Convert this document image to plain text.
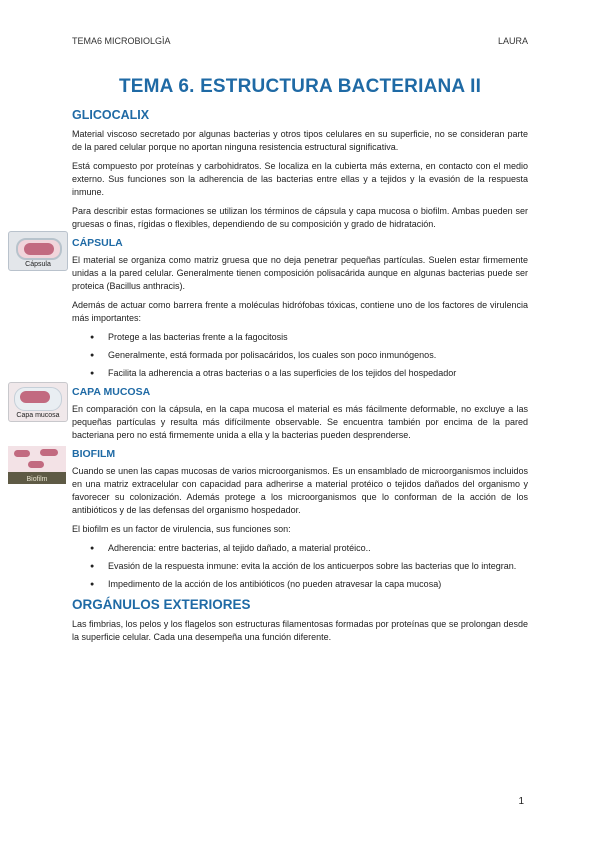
TEMA6 MICROBIOLGÌA	LAURA
TEMA 6. ESTRUCTURA BACTERIANA II
GLICOCALIX

Material viscoso secretado por algunas bacterias y otros tipos celulares en su superficie, no se consideran parte de la pared celular porque no aportan ninguna resistencia estructural significativa.

Está compuesto por proteínas y carbohidratos. Se localiza en la cubierta más externa, en contacto con el medio externo. Sus funciones son la adherencia de las bacterias entre ellas y a tejidos y la evasión de la respuesta inmune.

Para describir estas formaciones se utilizan los términos de cápsula y capa mucosa o biofilm. Ambas pueden ser gruesas o finas, rígidas o flexibles, dependiendo de su composición y grado de hidratación.

Cápsula
CÁPSULA

El material se organiza como matriz gruesa que no deja penetrar pequeñas partículas. Suelen estar firmemente unidas a la pared celular. Generalmente tienen composición polisacárida aunque en algunas bacterias puede ser proteica (Bacillus anthracis).

Además de actuar como barrera frente a moléculas hidrófobas tóxicas, contiene uno de los factores de virulencia más importantes:

● Protege a las bacterias frente a la fagocitosis
● Generalmente, está formada por polisacáridos, los cuales son poco inmunógenos.
● Facilita la adherencia a otras bacterias o a las superficies de los tejidos del hospedador
Capa mucosa
CAPA MUCOSA

En comparación con la cápsula, en la capa mucosa el material es más fácilmente deformable, no excluye a las pequeñas partículas y resulta más difícilmente observable. Se encuentra también por encima de la pared bacteriana pero no está firmemente unida a ella y la bacterias pueden desprenderse.

Biofilm
BIOFILM

Cuando se unen las capas mucosas de varios microorganismos. Es un ensamblado de microorganismos incluidos en una matriz extracelular con capacidad para adherirse a material protéico o tejidos dañados del organismo y favorecer su colonización. Además protege a los microorganismos que lo conforman de la acción de los antibióticos y de las defensas del organismo hospedador.

El biofilm es un factor de virulencia, sus funciones son:

● Adherencia: entre bacterias, al tejido dañado, a material protéico..
● Evasión de la respuesta inmune: evita la acción de los anticuerpos sobre las bacterias que lo integran.
● Impedimento de la acción de los antibióticos (no pueden atravesar la capa mucosa)
ORGÁNULOS EXTERIORES

Las fimbrias, los pelos y los flagelos son estructuras filamentosas formadas por proteínas que se prolongan desde la superficie celular. Cada una desempeña una función diferente.

1
